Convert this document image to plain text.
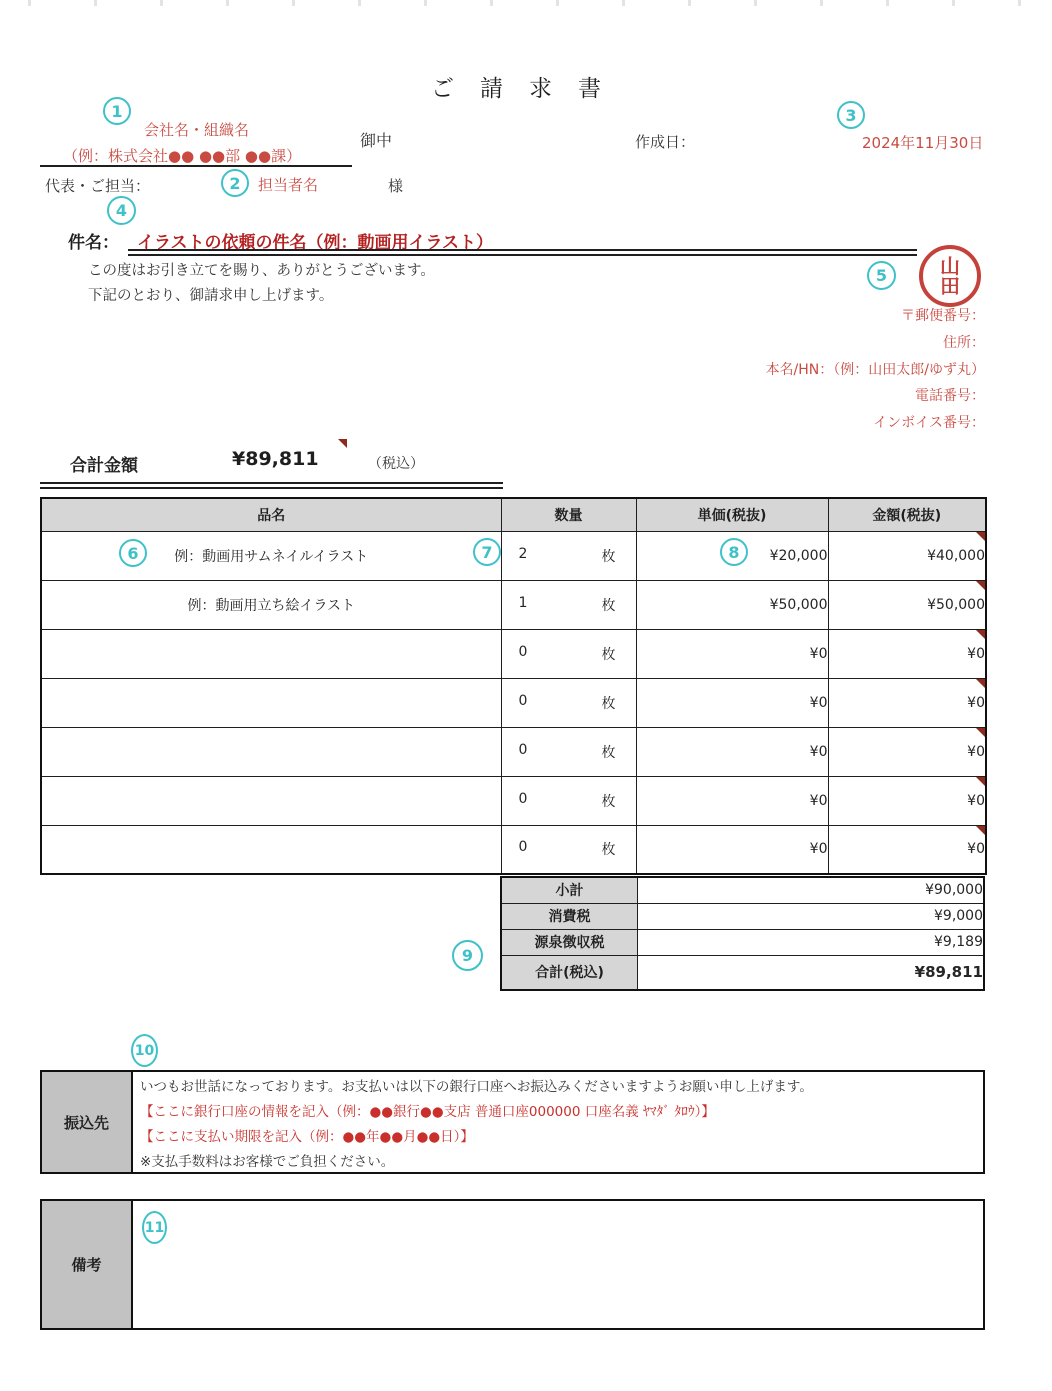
ご請求書
1
2
3
4
5
6	7	8
9
10
11
会社名・組織名
（例：株式会社●● ●●部 ●●課）
御中
代表・ご担当：	担当者名	様
作成日：	2024年11月30日
件名： イラストの依頼の件名（例：動画用イラスト）
この度はお引き立てを賜り、ありがとうございます。
下記のとおり、御請求申し上げます。
山
田
〒郵便番号：
住所：
本名/HN：（例：山田太郎/ゆず丸）
電話番号：
インボイス番号：
合計金額	¥89,811	（税込）
品名	数量	単価(税抜)	金額(税抜)
例：動画用サムネイルイラスト	2 枚	¥20,000	¥40,000
例：動画用立ち絵イラスト	1 枚	¥50,000	¥50,000

	0 枚	¥0	¥0

	0 枚	¥0	¥0

	0 枚	¥0	¥0

	0 枚	¥0	¥0

	0 枚	¥0	¥0
小計	¥90,000
消費税	¥9,000
源泉徴収税	¥9,189
合計(税込)	¥89,811
振込先
いつもお世話になっております。お支払いは以下の銀行口座へお振込みくださいますようお願い申し上げます。
【ここに銀行口座の情報を記入（例：●●銀行●●支店 普通口座000000 口座名義 ﾔﾏﾀﾞ ﾀﾛｳ）】
【ここに支払い期限を記入（例：●●年●●月●●日）】
※支払手数料はお客様でご負担ください。
備考
